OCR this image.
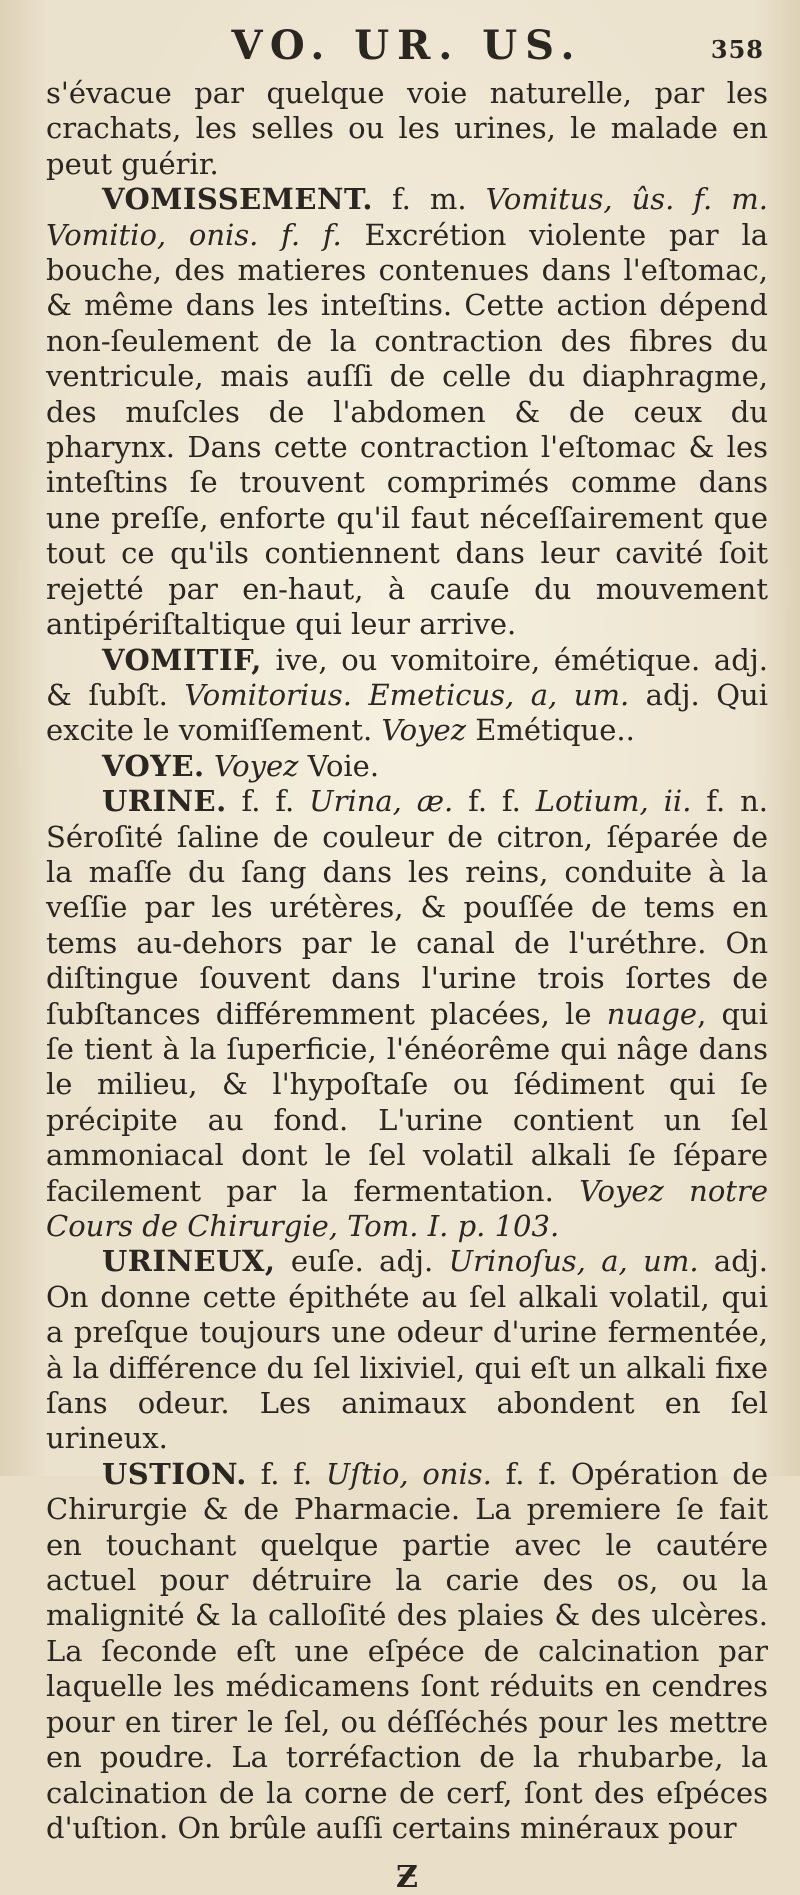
VO. UR. US.	358

s'évacue par quelque voie naturelle, par les crachats, les selles ou les urines, le malade en peut guérir.

VOMISSEMENT. f. m. Vomitus, ûs. f. m. Vomitio, onis. f. f. Excrétion violente par la bouche, des matieres contenues dans l'eſtomac, & même dans les inteſtins. Cette action dépend non-ſeulement de la contraction des fibres du ventricule, mais auſſi de celle du diaphragme, des muſcles de l'abdomen & de ceux du pharynx. Dans cette contraction l'eſtomac & les inteſtins ſe trouvent comprimés comme dans une preſſe, enforte qu'il faut néceſſairement que tout ce qu'ils contiennent dans leur cavité ſoit rejetté par en-haut, à cauſe du mouvement antipériſtaltique qui leur arrive.

VOMITIF, ive, ou vomitoire, émétique. adj. & ſubſt. Vomitorius. Emeticus, a, um. adj. Qui excite le vomiſſement. Voyez Emétique..

VOYE. Voyez Voie.

URINE. f. f. Urina, æ. f. f. Lotium, ii. f. n. Séroſité ſaline de couleur de citron, ſéparée de la maſſe du ſang dans les reins, conduite à la veſſie par les urétères, & pouſſée de tems en tems au-dehors par le canal de l'uréthre. On diſtingue ſouvent dans l'urine trois ſortes de ſubſtances différemment placées, le nuage, qui ſe tient à la ſuperficie, l'énéorême qui nâge dans le milieu, & l'hypoſtaſe ou ſédiment qui ſe précipite au fond. L'urine contient un ſel ammoniacal dont le ſel volatil alkali ſe ſépare facilement par la fermentation. Voyez notre Cours de Chirurgie, Tom. I. p. 103.

URINEUX, euſe. adj. Urinoſus, a, um. adj. On donne cette épithéte au ſel alkali volatil, qui a preſque toujours une odeur d'urine fermentée, à la différence du ſel lixiviel, qui eſt un alkali fixe ſans odeur. Les animaux abondent en ſel urineux.

USTION. f. f. Uſtio, onis. f. f. Opération de Chirurgie & de Pharmacie. La premiere ſe fait en touchant quelque partie avec le cautére actuel pour détruire la carie des os, ou la malignité & la calloſité des plaies & des ulcères. La ſeconde eſt une eſpéce de calcination par laquelle les médicamens ſont réduits en cendres pour en tirer le ſel, ou déſſéchés pour les mettre en poudre. La torréfaction de la rhubarbe, la calcination de la corne de cerf, ſont des eſpéces d'uſtion. On brûle auſſi certains minéraux pour

Ƶ
